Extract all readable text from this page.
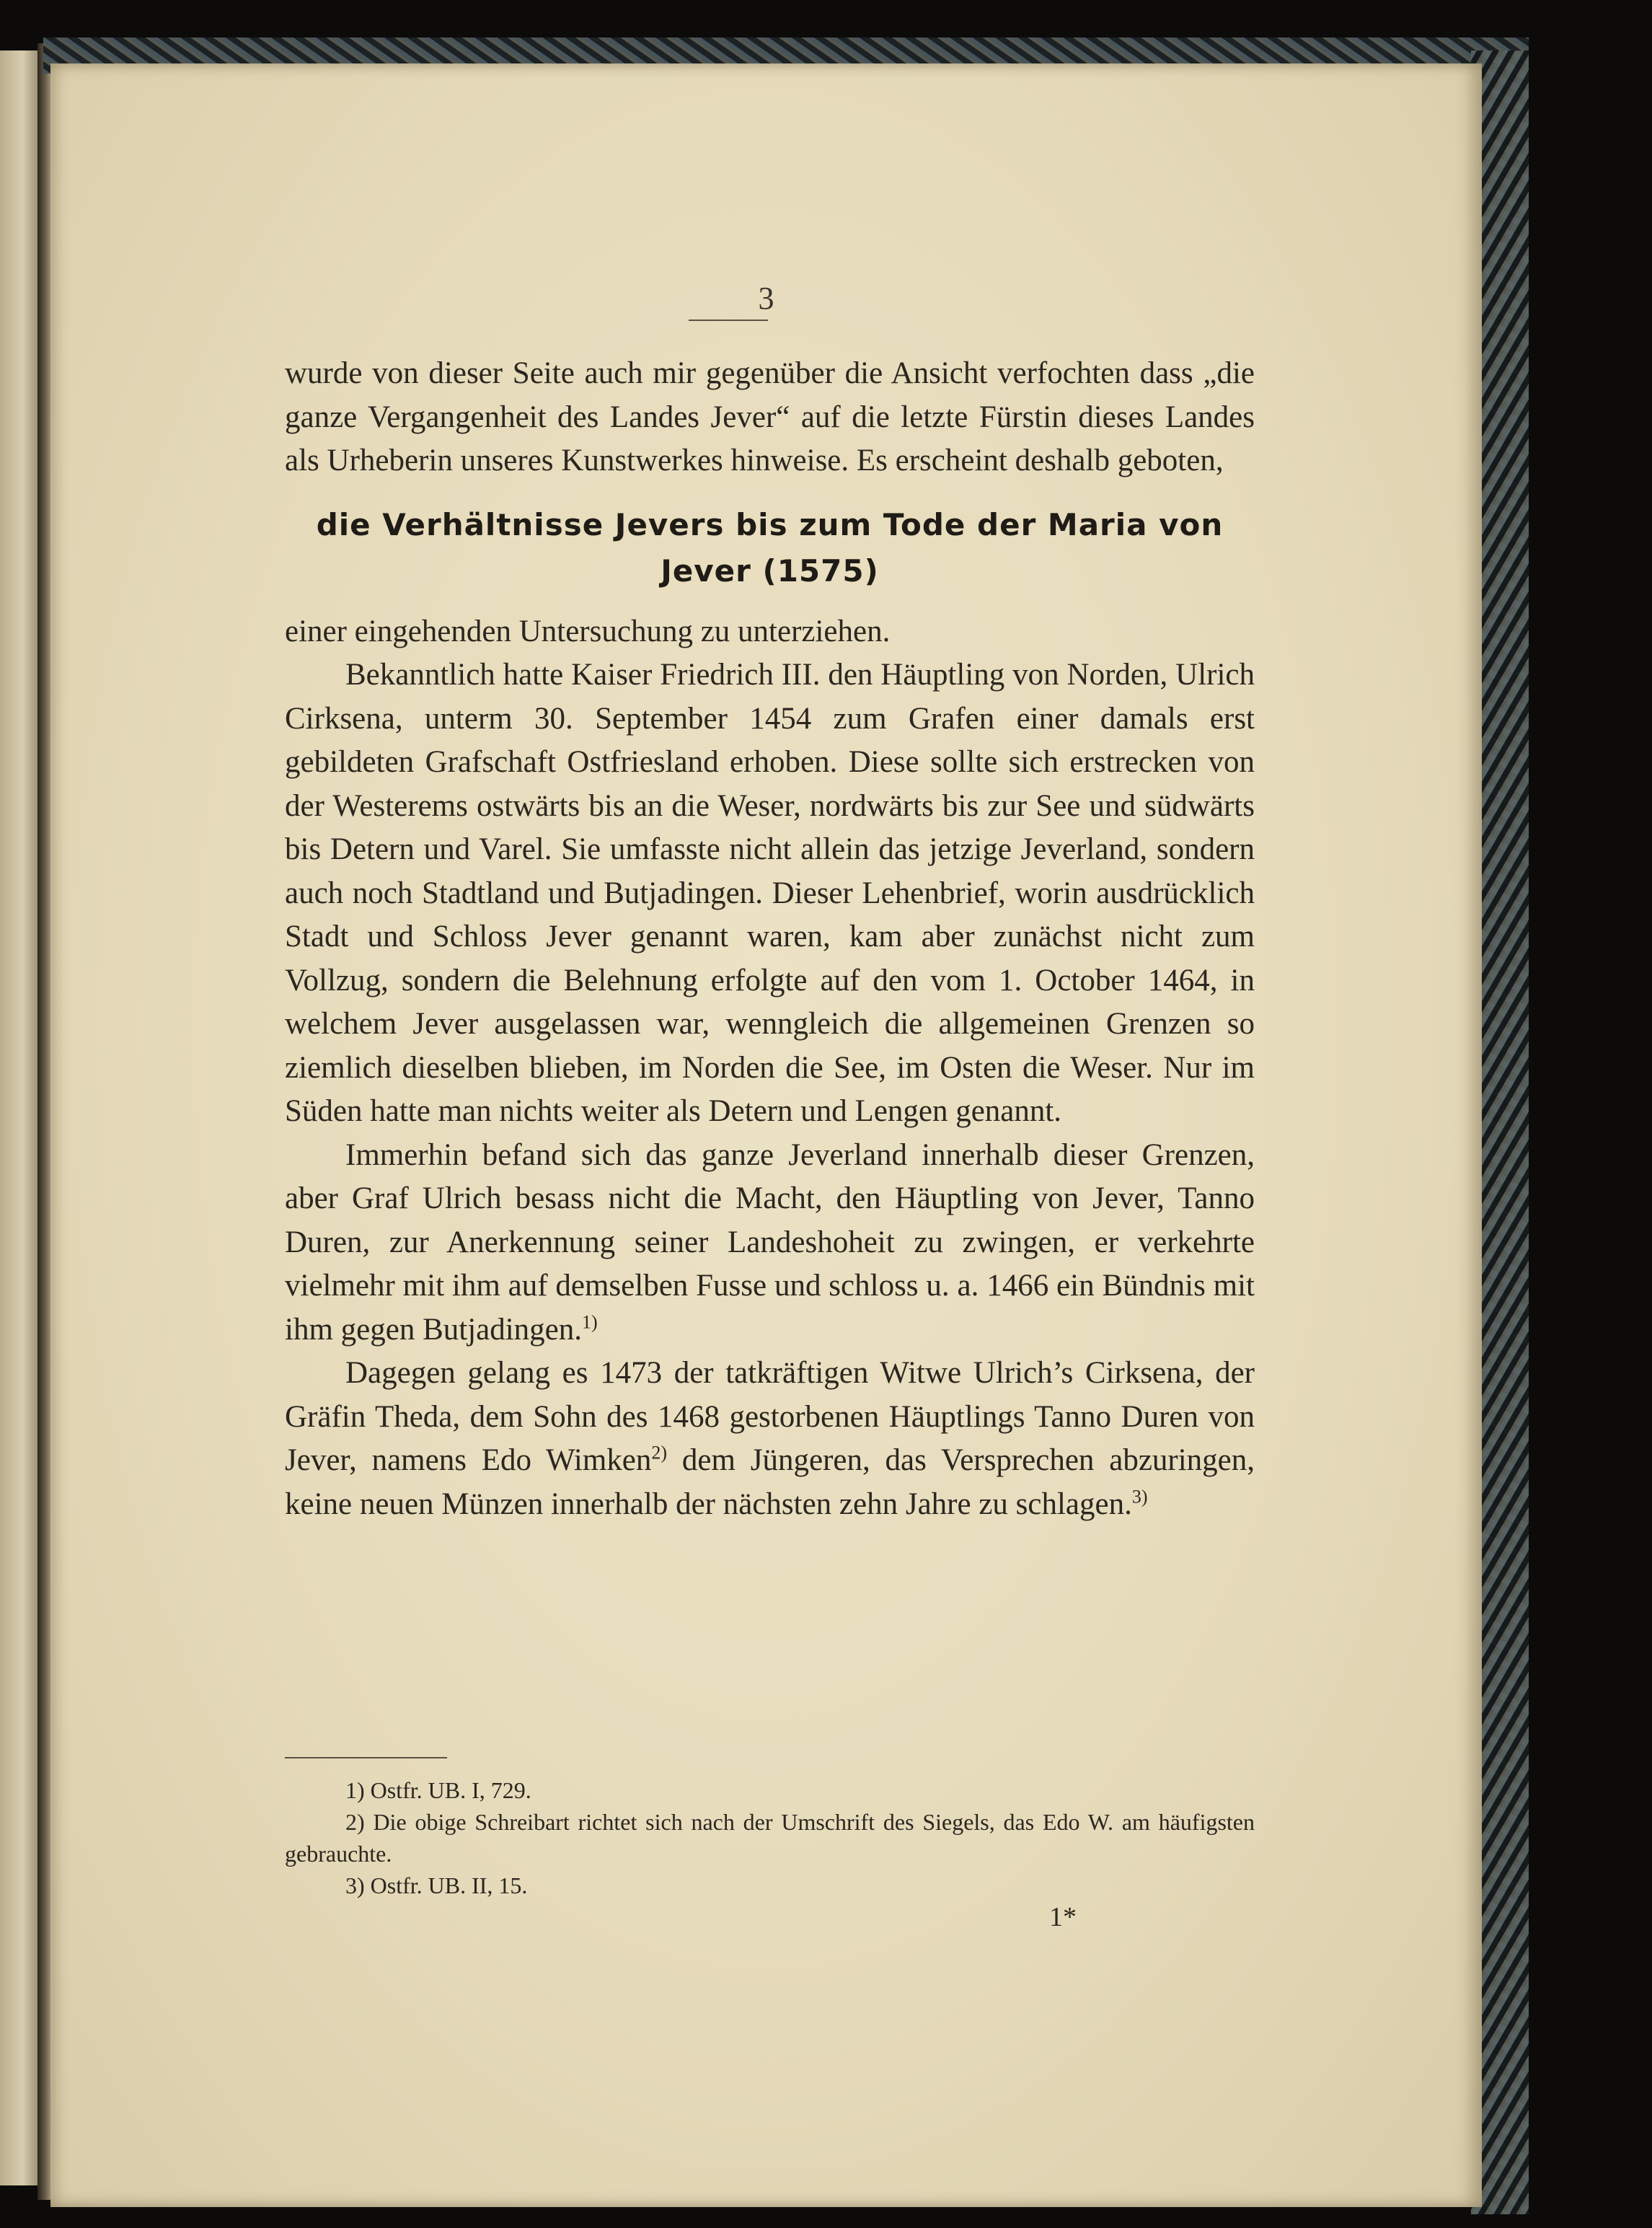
3

wurde von dieser Seite auch mir gegenüber die Ansicht verfochten dass „die ganze Vergangenheit des Landes Jever“ auf die letzte Fürstin dieses Landes als Urheberin unseres Kunstwerkes hinweise. Es erscheint deshalb geboten,

die Verhältnisse Jevers bis zum Tode der Maria von Jever (1575)

einer eingehenden Untersuchung zu unterziehen.

Bekanntlich hatte Kaiser Friedrich III. den Häuptling von Norden, Ulrich Cirksena, unterm 30. September 1454 zum Grafen einer damals erst gebildeten Grafschaft Ostfriesland erhoben. Diese sollte sich erstrecken von der Westerems ostwärts bis an die Weser, nordwärts bis zur See und südwärts bis Detern und Varel. Sie umfasste nicht allein das jetzige Jeverland, sondern auch noch Stadtland und Butjadingen. Dieser Lehenbrief, worin ausdrücklich Stadt und Schloss Jever genannt waren, kam aber zunächst nicht zum Vollzug, sondern die Belehnung erfolgte auf den vom 1. October 1464, in welchem Jever ausgelassen war, wenngleich die allgemeinen Grenzen so ziemlich dieselben blieben, im Norden die See, im Osten die Weser. Nur im Süden hatte man nichts weiter als Detern und Lengen genannt.

Immerhin befand sich das ganze Jeverland innerhalb dieser Grenzen, aber Graf Ulrich besass nicht die Macht, den Häuptling von Jever, Tanno Duren, zur Anerkennung seiner Landeshoheit zu zwingen, er verkehrte vielmehr mit ihm auf demselben Fusse und schloss u. a. 1466 ein Bündnis mit ihm gegen Butjadingen.$^{1)}$

Dagegen gelang es 1473 der tatkräftigen Witwe Ulrich’s Cirksena, der Gräfin Theda, dem Sohn des 1468 gestorbenen Häuptlings Tanno Duren von Jever, namens Edo Wimken$^{2)}$ dem Jüngeren, das Versprechen abzuringen, keine neuen Münzen innerhalb der nächsten zehn Jahre zu schlagen.$^{3)}$

1) Ostfr. UB. I, 729.

2) Die obige Schreibart richtet sich nach der Umschrift des Siegels, das Edo W. am häufigsten gebrauchte.

3) Ostfr. UB. II, 15.

1*
